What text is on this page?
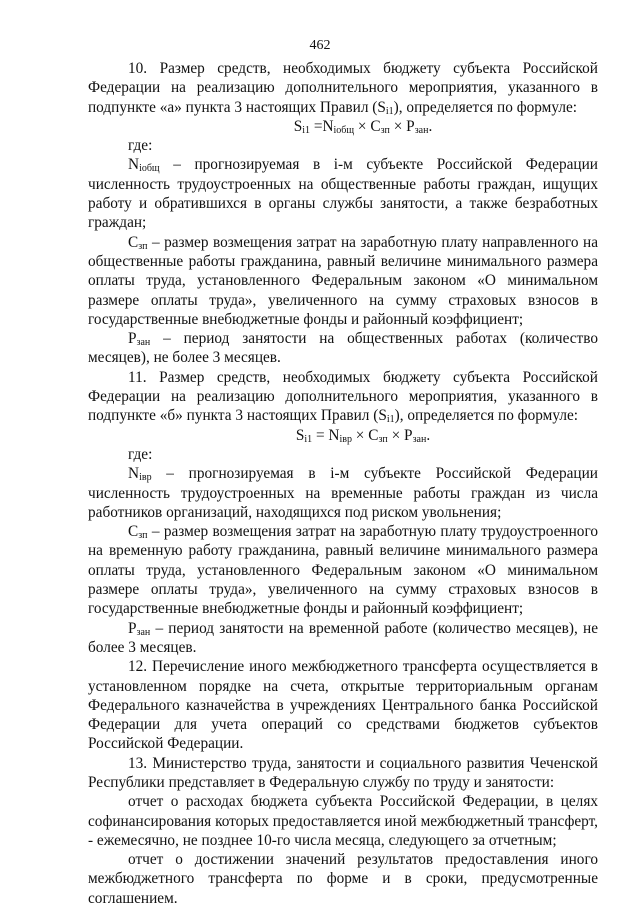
462

10. Размер средств, необходимых бюджету субъекта Российской Федерации на реализацию дополнительного мероприятия, указанного в подпункте «а» пункта 3 настоящих Правил $(S_{i1})$, определяется по формуле:

$S_{i1} =N_{iобщ} \times C_{зп} \times P_{зан}$.

где:

$N_{iобщ}$ – прогнозируемая в i-м субъекте Российской Федерации численность трудоустроенных на общественные работы граждан, ищущих работу и обратившихся в органы службы занятости, а также безработных граждан;

$C_{зп}$ – размер возмещения затрат на заработную плату направленного на общественные работы гражданина, равный величине минимального размера оплаты труда, установленного Федеральным законом «О минимальном размере оплаты труда», увеличенного на сумму страховых взносов в государственные внебюджетные фонды и районный коэффициент;

$P_{зан}$ – период занятости на общественных работах (количество месяцев), не более 3 месяцев.

11. Размер средств, необходимых бюджету субъекта Российской Федерации на реализацию дополнительного мероприятия, указанного в подпункте «б» пункта 3 настоящих Правил $(S_{i1})$, определяется по формуле:

$S_{i1} = N_{iвр} \times C_{зп} \times P_{зан}$.

где:

$N_{iвр}$ – прогнозируемая в i-м субъекте Российской Федерации численность трудоустроенных на временные работы граждан из числа работников организаций, находящихся под риском увольнения;

$C_{зп}$ – размер возмещения затрат на заработную плату трудоустроенного на временную работу гражданина, равный величине минимального размера оплаты труда, установленного Федеральным законом «О минимальном размере оплаты труда», увеличенного на сумму страховых взносов в государственные внебюджетные фонды и районный коэффициент;

$P_{зан}$ – период занятости на временной работе (количество месяцев), не более 3 месяцев.

12. Перечисление иного межбюджетного трансферта осуществляется в установленном порядке на счета, открытые территориальным органам Федерального казначейства в учреждениях Центрального банка Российской Федерации для учета операций со средствами бюджетов субъектов Российской Федерации.

13. Министерство труда, занятости и социального развития Чеченской Республики представляет в Федеральную службу по труду и занятости:

отчет о расходах бюджета субъекта Российской Федерации, в целях софинансирования которых предоставляется иной межбюджетный трансферт, - ежемесячно, не позднее 10-го числа месяца, следующего за отчетным;

отчет о достижении значений результатов предоставления иного межбюджетного трансферта по форме и в сроки, предусмотренные соглашением.
